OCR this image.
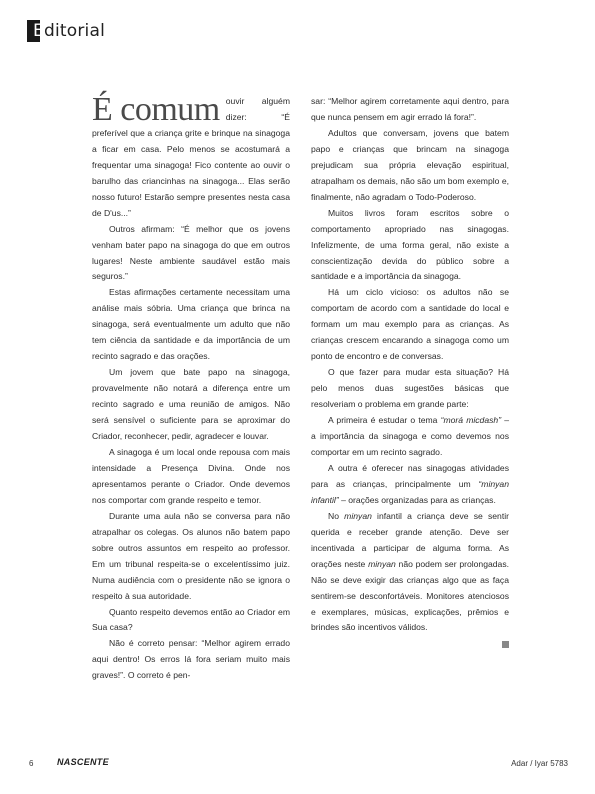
Editorial

É comum ouvir alguém dizer: “É preferível que a criança grite e brinque na sinagoga a ficar em casa. Pelo menos se acostumará a frequentar uma sinagoga! Fico contente ao ouvir o barulho das criancinhas na sinagoga... Elas serão nosso futuro! Estarão sempre presentes nesta casa de D'us...”

Outros afirmam: “É melhor que os jovens venham bater papo na sinagoga do que em outros lugares! Neste ambiente saudável estão mais seguros.”

Estas afirmações certamente necessitam uma análise mais sóbria. Uma criança que brinca na sinagoga, será eventualmente um adulto que não tem ciência da santidade e da importância de um recinto sagrado e das orações.

Um jovem que bate papo na sinagoga, provavelmente não notará a diferença entre um recinto sagrado e uma reunião de amigos. Não será sensível o suficiente para se aproximar do Criador, reconhecer, pedir, agradecer e louvar.

A sinagoga é um local onde repousa com mais intensidade a Presença Divina. Onde nos apresentamos perante o Criador. Onde devemos nos comportar com grande respeito e temor.

Durante uma aula não se conversa para não atrapalhar os colegas. Os alunos não batem papo sobre outros assuntos em respeito ao professor. Em um tribunal respeita-se o excelentíssimo juiz. Numa audiência com o presidente não se ignora o respeito à sua autoridade.

Quanto respeito devemos então ao Criador em Sua casa?

Não é correto pensar: “Melhor agirem errado aqui dentro! Os erros lá fora seriam muito mais graves!”. O correto é pen-

sar: “Melhor agirem corretamente aqui dentro, para que nunca pensem em agir errado lá fora!”.

Adultos que conversam, jovens que batem papo e crianças que brincam na sinagoga prejudicam sua própria elevação espiritual, atrapalham os demais, não são um bom exemplo e, finalmente, não agradam o Todo-Poderoso.

Muitos livros foram escritos sobre o comportamento apropriado nas sinagogas. Infelizmente, de uma forma geral, não existe a conscientização devida do público sobre a santidade e a importância da sinagoga.

Há um ciclo vicioso: os adultos não se comportam de acordo com a santidade do local e formam um mau exemplo para as crianças. As crianças crescem encarando a sinagoga como um ponto de encontro e de conversas.

O que fazer para mudar esta situação? Há pelo menos duas sugestões básicas que resolveriam o problema em grande parte:

A primeira é estudar o tema “morá micdash” – a importância da sinagoga e como devemos nos comportar em um recinto sagrado.

A outra é oferecer nas sinagogas atividades para as crianças, principalmente um “minyan infantil” – orações organizadas para as crianças.

No minyan infantil a criança deve se sentir querida e receber grande atenção. Deve ser incentivada a participar de alguma forma. As orações neste minyan não podem ser prolongadas. Não se deve exigir das crianças algo que as faça sentirem-se desconfortáveis. Monitores atenciosos e exemplares, músicas, explicações, prêmios e brindes são incentivos válidos.

6	NASCENTE	Adar / Iyar 5783
